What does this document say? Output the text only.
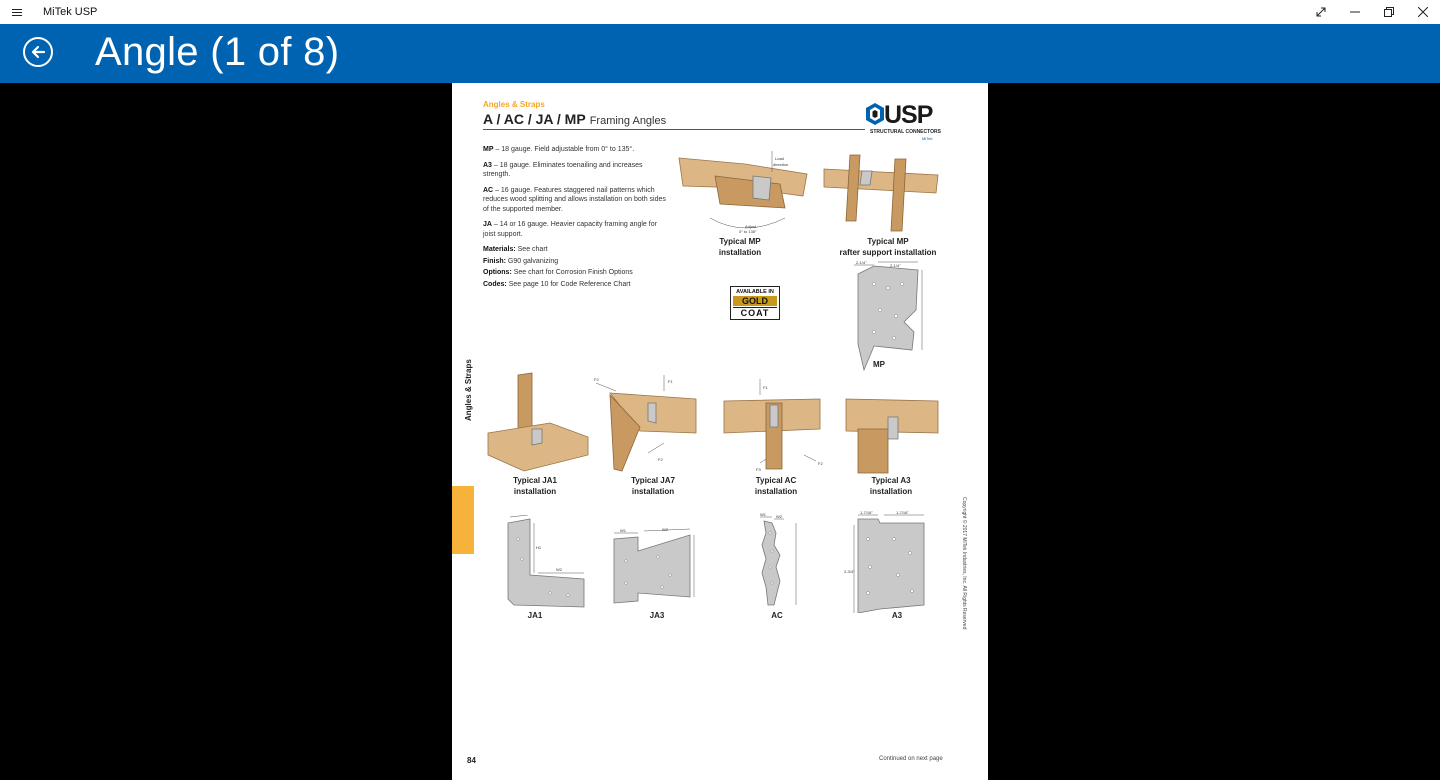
MiTek USP
Angle (1 of 8)
Angles & Straps
A / AC / JA / MP Framing Angles	USP
STRUCTURAL CONNECTORS
MiTek

MP – 18 gauge. Field adjustable from 0° to 135°.

A3 – 18 gauge. Eliminates toenailing and increases strength.

AC – 16 gauge. Features staggered nail patterns which reduces wood splitting and allows installation on both sides of the supported member.

JA – 14 or 16 gauge. Heavier capacity framing angle for joist support.

Materials: See chart

Finish: G90 galvanizing

Options: See chart for Corrosion Finish Options

Codes: See page 10 for Code Reference Chart

Load
direction
Adjust
0° to 135°
Typical MP
installation
Typical MP
rafter support installation
AVAILABLE IN
GOLD
COAT
2-1/4"
2-1/4"
MP
Angles & Straps
Typical JA1
installation
F2	F1
F2
Typical JA7
installation
F1
F3
F2
Typical AC
installation
Typical A3
installation
H1
W2
JA1
W1	W2
JA3
W1	W2
AC
1-7/16"	1-7/16"
2-3/4"
A3	Copyright © 2017 MiTek Industries, Inc. All Rights Reserved
84	Continued on next page
